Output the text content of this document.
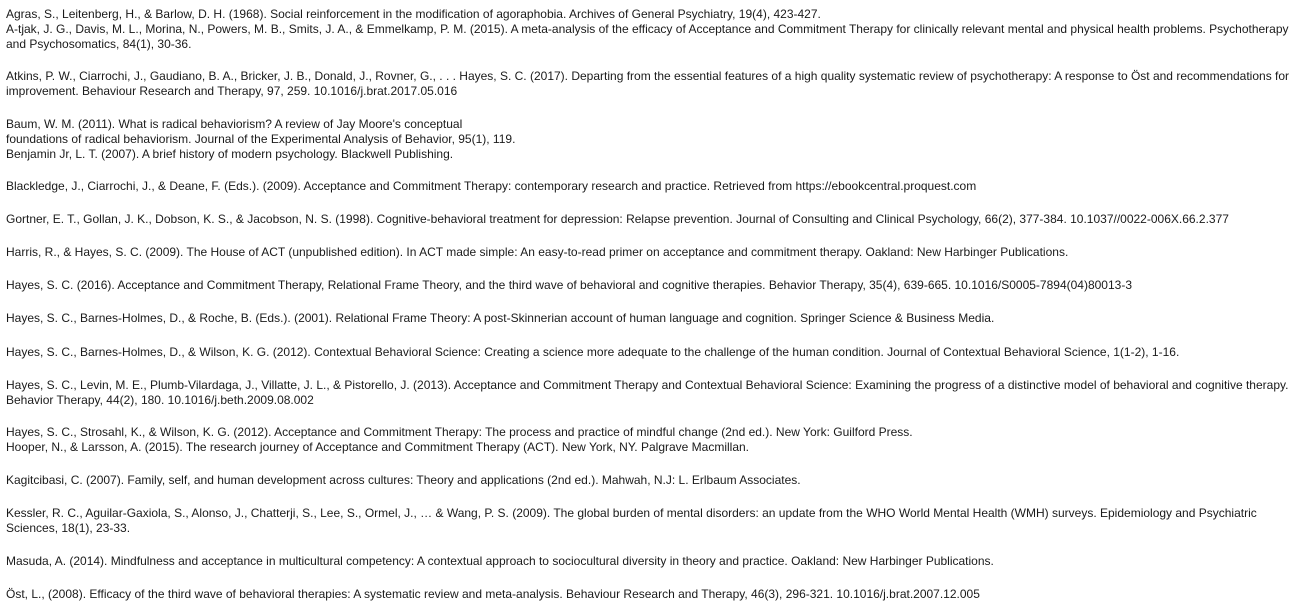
Agras, S., Leitenberg, H., & Barlow, D. H. (1968). Social reinforcement in the modification of agoraphobia. Archives of General Psychiatry, 19(4), 423-427.

A-tjak, J. G., Davis, M. L., Morina, N., Powers, M. B., Smits, J. A., & Emmelkamp, P. M. (2015). A meta-analysis of the efficacy of Acceptance and Commitment Therapy for clinically relevant mental and physical health problems. Psychotherapy and Psychosomatics, 84(1), 30-36.

Atkins, P. W., Ciarrochi, J., Gaudiano, B. A., Bricker, J. B., Donald, J., Rovner, G., . . . Hayes, S. C. (2017). Departing from the essential features of a high quality systematic review of psychotherapy: A response to Öst and recommendations for improvement. Behaviour Research and Therapy, 97, 259. 10.1016/j.brat.2017.05.016

Baum, W. M. (2011). What is radical behaviorism? A review of Jay Moore's conceptual
foundations of radical behaviorism. Journal of the Experimental Analysis of Behavior, 95(1), 119.
Benjamin Jr, L. T. (2007). A brief history of modern psychology. Blackwell Publishing.

Blackledge, J., Ciarrochi, J., & Deane, F. (Eds.). (2009). Acceptance and Commitment Therapy: contemporary research and practice. Retrieved from https://ebookcentral.proquest.com

Gortner, E. T., Gollan, J. K., Dobson, K. S., & Jacobson, N. S. (1998). Cognitive-behavioral treatment for depression: Relapse prevention. Journal of Consulting and Clinical Psychology, 66(2), 377-384. 10.1037//0022-006X.66.2.377

Harris, R., & Hayes, S. C. (2009). The House of ACT (unpublished edition). In ACT made simple: An easy-to-read primer on acceptance and commitment therapy. Oakland: New Harbinger Publications.

Hayes, S. C. (2016). Acceptance and Commitment Therapy, Relational Frame Theory, and the third wave of behavioral and cognitive therapies. Behavior Therapy, 35(4), 639-665. 10.1016/S0005-7894(04)80013-3

Hayes, S. C., Barnes-Holmes, D., & Roche, B. (Eds.). (2001). Relational Frame Theory: A post-Skinnerian account of human language and cognition. Springer Science & Business Media.

Hayes, S. C., Barnes-Holmes, D., & Wilson, K. G. (2012). Contextual Behavioral Science: Creating a science more adequate to the challenge of the human condition. Journal of Contextual Behavioral Science, 1(1-2), 1-16.

Hayes, S. C., Levin, M. E., Plumb-Vilardaga, J., Villatte, J. L., & Pistorello, J. (2013). Acceptance and Commitment Therapy and Contextual Behavioral Science: Examining the progress of a distinctive model of behavioral and cognitive therapy. Behavior Therapy, 44(2), 180. 10.1016/j.beth.2009.08.002

Hayes, S. C., Strosahl, K., & Wilson, K. G. (2012). Acceptance and Commitment Therapy: The process and practice of mindful change (2nd ed.). New York: Guilford Press.

Hooper, N., & Larsson, A. (2015). The research journey of Acceptance and Commitment Therapy (ACT). New York, NY. Palgrave Macmillan.

Kagitcibasi, C. (2007). Family, self, and human development across cultures: Theory and applications (2nd ed.). Mahwah, N.J: L. Erlbaum Associates.

Kessler, R. C., Aguilar-Gaxiola, S., Alonso, J., Chatterji, S., Lee, S., Ormel, J., … & Wang, P. S. (2009). The global burden of mental disorders: an update from the WHO World Mental Health (WMH) surveys. Epidemiology and Psychiatric Sciences, 18(1), 23-33.

Masuda, A. (2014). Mindfulness and acceptance in multicultural competency: A contextual approach to sociocultural diversity in theory and practice. Oakland: New Harbinger Publications.

Öst, L., (2008). Efficacy of the third wave of behavioral therapies: A systematic review and meta-analysis. Behaviour Research and Therapy, 46(3), 296-321. 10.1016/j.brat.2007.12.005
